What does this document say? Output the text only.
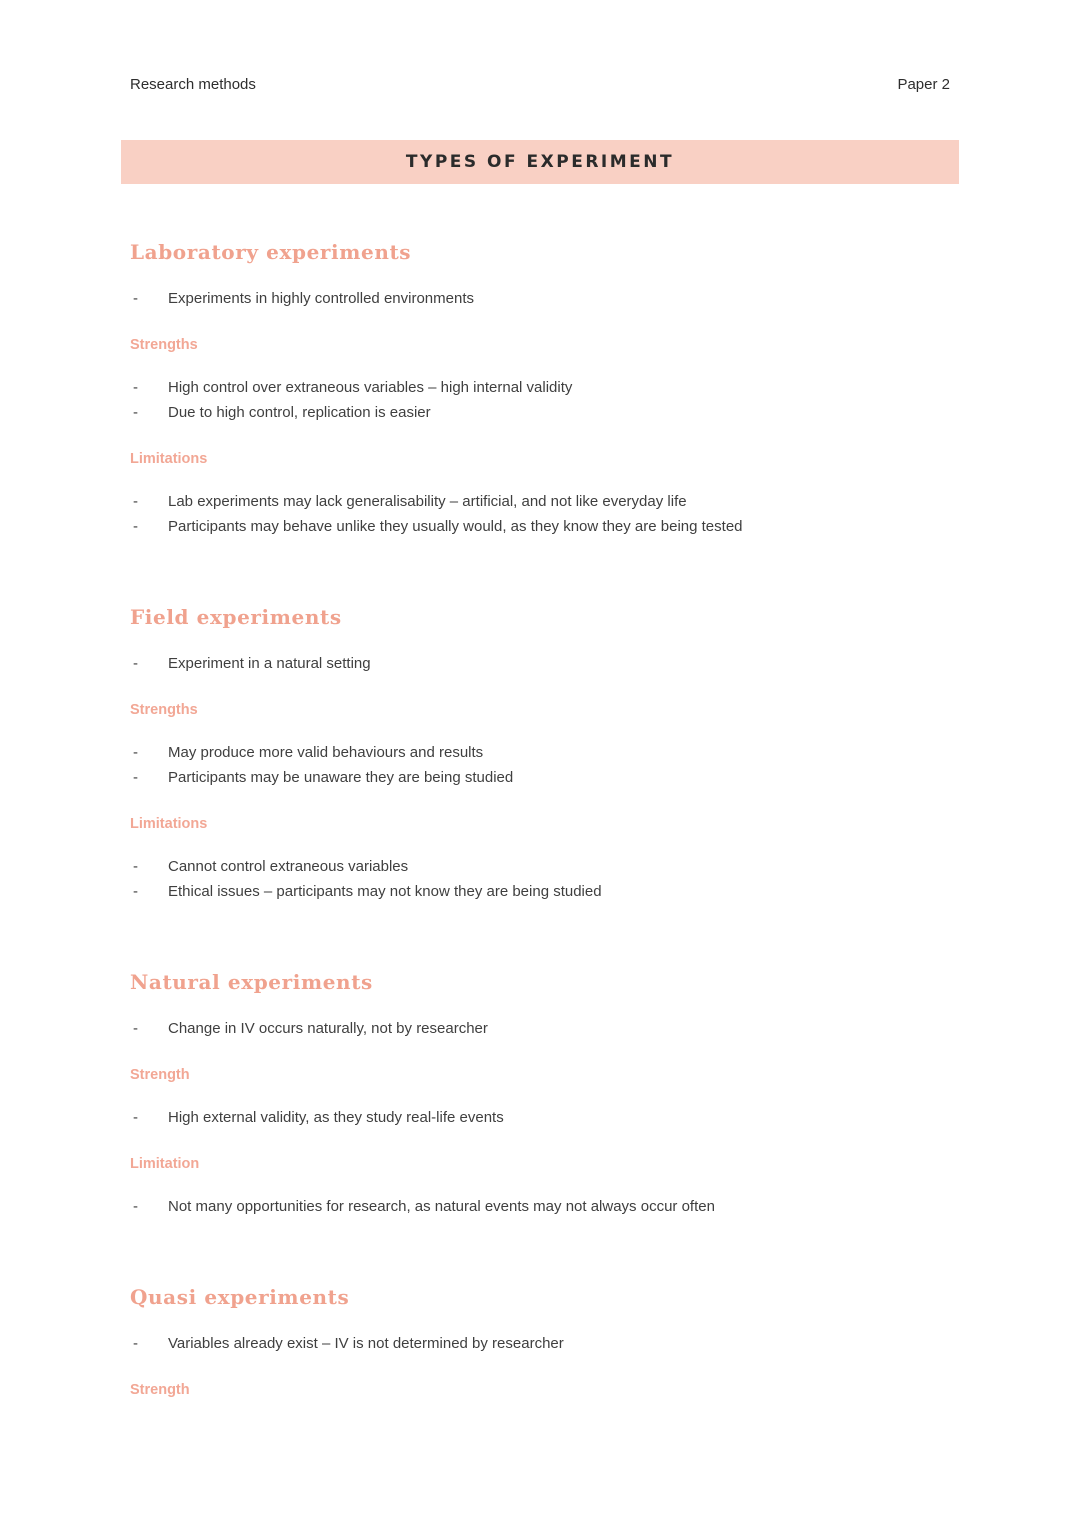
Research methods	Paper 2
TYPES OF EXPERIMENT
Laboratory experiments
-	Experiments in highly controlled environments
Strengths
-	High control over extraneous variables – high internal validity
-	Due to high control, replication is easier
Limitations
-	Lab experiments may lack generalisability – artificial, and not like everyday life
-	Participants may behave unlike they usually would, as they know they are being tested
Field experiments
-	Experiment in a natural setting
Strengths
-	May produce more valid behaviours and results
-	Participants may be unaware they are being studied
Limitations
-	Cannot control extraneous variables
-	Ethical issues – participants may not know they are being studied
Natural experiments
-	Change in IV occurs naturally, not by researcher
Strength
-	High external validity, as they study real-life events
Limitation
-	Not many opportunities for research, as natural events may not always occur often
Quasi experiments
-	Variables already exist – IV is not determined by researcher
Strength
